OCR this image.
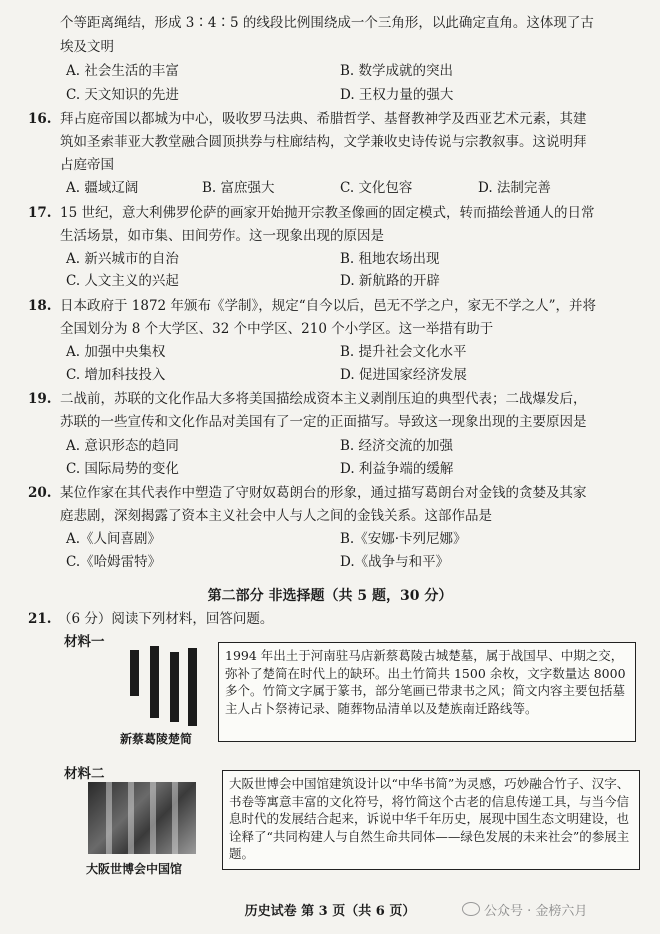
个等距离绳结，形成 3∶4∶5 的线段比例围绕成一个三角形，以此确定直角。这体现了古
埃及文明
A. 社会生活的丰富	B. 数学成就的突出
C. 天文知识的先进	D. 王权力量的强大
16. 拜占庭帝国以都城为中心，吸收罗马法典、希腊哲学、基督教神学及西亚艺术元素，其建
筑如圣索菲亚大教堂融合圆顶拱券与柱廊结构，文学兼收史诗传说与宗教叙事。这说明拜
占庭帝国
A. 疆域辽阔	B. 富庶强大	C. 文化包容	D. 法制完善
17. 15 世纪，意大利佛罗伦萨的画家开始抛开宗教圣像画的固定模式，转而描绘普通人的日常
生活场景，如市集、田间劳作。这一现象出现的原因是
A. 新兴城市的自治	B. 租地农场出现
C. 人文主义的兴起	D. 新航路的开辟
18. 日本政府于 1872 年颁布《学制》，规定“自今以后，邑无不学之户，家无不学之人”，并将
全国划分为 8 个大学区、32 个中学区、210 个小学区。这一举措有助于
A. 加强中央集权	B. 提升社会文化水平
C. 增加科技投入	D. 促进国家经济发展
19. 二战前，苏联的文化作品大多将美国描绘成资本主义剥削压迫的典型代表；二战爆发后，
苏联的一些宣传和文化作品对美国有了一定的正面描写。导致这一现象出现的主要原因是
A. 意识形态的趋同	B. 经济交流的加强
C. 国际局势的变化	D. 利益争端的缓解
20. 某位作家在其代表作中塑造了守财奴葛朗台的形象，通过描写葛朗台对金钱的贪婪及其家
庭悲剧，深刻揭露了资本主义社会中人与人之间的金钱关系。这部作品是
A.《人间喜剧》	B.《安娜·卡列尼娜》
C.《哈姆雷特》	D.《战争与和平》
第二部分 非选择题（共 5 题，30 分）
21. （6 分）阅读下列材料，回答问题。
材料一
新蔡葛陵楚简
1994 年出土于河南驻马店新蔡葛陵古城楚墓，属于战国早、中期之交，弥补了楚简在时代上的缺环。出土竹简共 1500 余枚，文字数量达 8000 多个。竹简文字属于篆书，部分笔画已带隶书之风；简文内容主要包括墓主人占卜祭祷记录、随葬物品清单以及楚族南迁路线等。
材料二
大阪世博会中国馆
大阪世博会中国馆建筑设计以“中华书简”为灵感，巧妙融合竹子、汉字、书卷等寓意丰富的文化符号，将竹简这个古老的信息传递工具，与当今信息时代的发展结合起来，诉说中华千年历史，展现中国生态文明建设，也诠释了“共同构建人与自然生命共同体——绿色发展的未来社会”的参展主题。
历史试卷 第 3 页（共 6 页）	公众号 · 金榜六月
